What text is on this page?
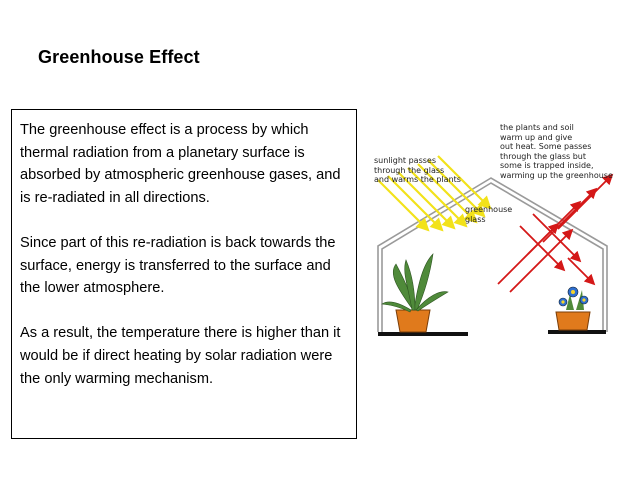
Greenhouse Effect

The greenhouse effect is a process by which thermal radiation from a planetary surface is absorbed by atmospheric greenhouse gases, and is re-radiated in all directions.

Since part of this re-radiation is back towards the surface, energy is transferred to the surface and the lower atmosphere.

As a result, the temperature there is higher than it would be if direct heating by solar radiation were the only warming mechanism.

sunlight passes
through the glass
and warms the plants
greenhouse
glass
the plants and soil
warm up and give
out heat. Some passes
through the glass but
some is trapped inside,
warming up the greenhouse
